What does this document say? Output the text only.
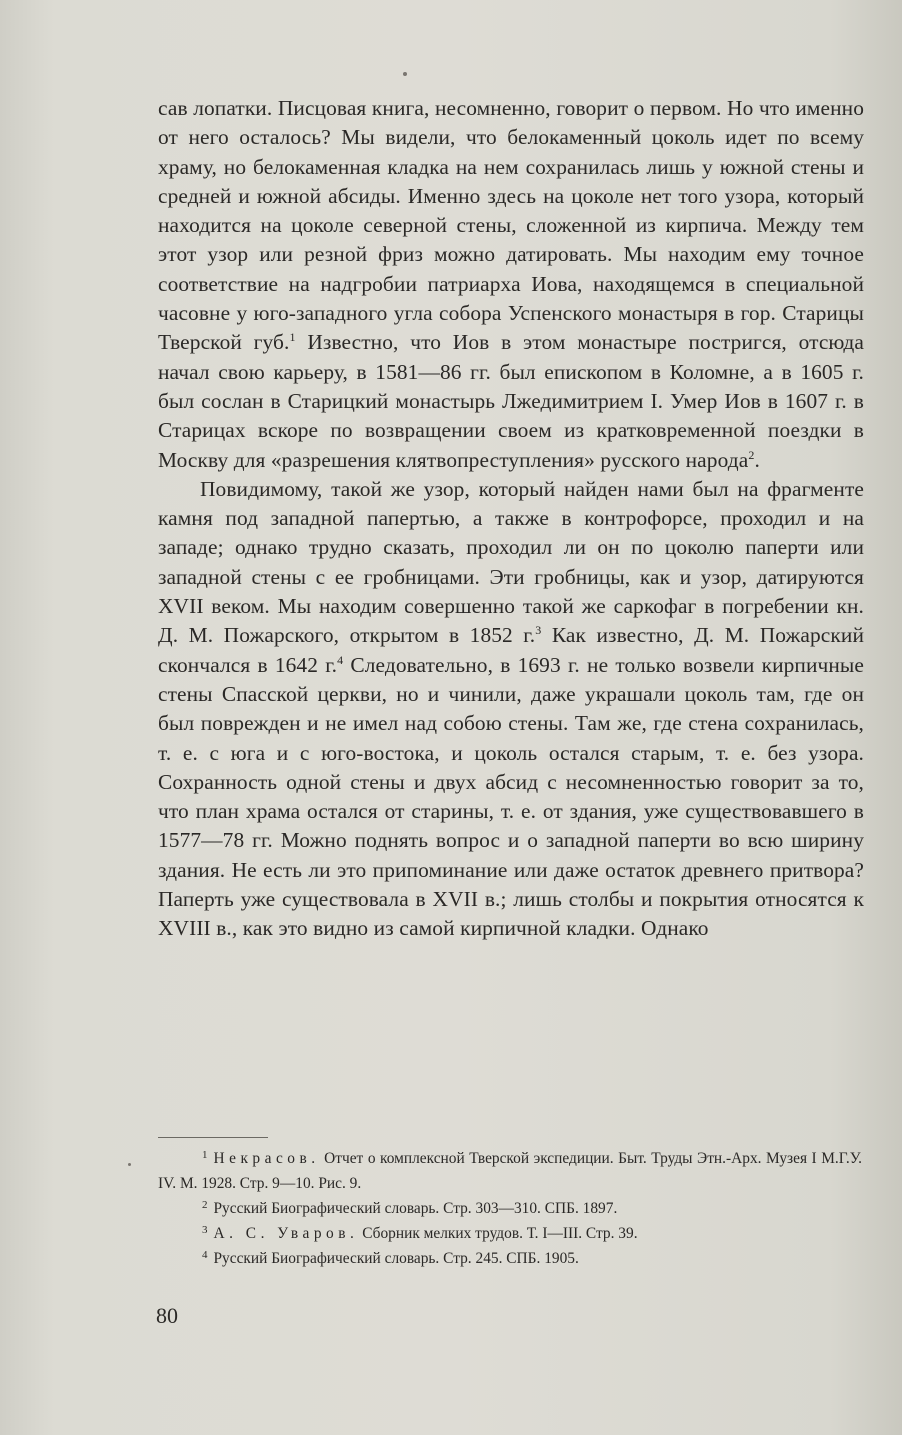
сав лопатки. Писцовая книга, несомненно, говорит о первом. Но что именно от него осталось? Мы видели, что белокаменный цоколь идет по всему храму, но белокаменная кладка на нем сохранилась лишь у южной стены и средней и южной абсиды. Именно здесь на цоколе нет того узора, который находится на цоколе северной стены, сложенной из кирпича. Между тем этот узор или резной фриз можно датировать. Мы находим ему точное соответствие на надгробии патриарха Иова, находящемся в специальной часовне у юго-западного угла собора Успенского монастыря в гор. Старицы Тверской губ.$^1$ Известно, что Иов в этом монастыре постригся, отсюда начал свою карьеру, в 1581—86 гг. был епископом в Коломне, а в 1605 г. был сослан в Старицкий монастырь Лжедимитрием I. Умер Иов в 1607 г. в Старицах вскоре по возвращении своем из кратковременной поездки в Москву для «разрешения клятвопреступления» русского народа$^2$.

Повидимому, такой же узор, который найден нами был на фрагменте камня под западной папертью, а также в контрофорсе, проходил и на западе; однако трудно сказать, проходил ли он по цоколю паперти или западной стены с ее гробницами. Эти гробницы, как и узор, датируются XVII веком. Мы находим совершенно такой же саркофаг в погребении кн. Д. М. Пожарского, открытом в 1852 г.$^3$ Как известно, Д. М. Пожарский скончался в 1642 г.$^4$ Следовательно, в 1693 г. не только возвели кирпичные стены Спасской церкви, но и чинили, даже украшали цоколь там, где он был поврежден и не имел над собою стены. Там же, где стена сохранилась, т. е. с юга и с юго-востока, и цоколь остался старым, т. е. без узора. Сохранность одной стены и двух абсид с несомненностью говорит за то, что план храма остался от старины, т. е. от здания, уже существовавшего в 1577—78 гг. Можно поднять вопрос и о западной паперти во всю ширину здания. Не есть ли это припоминание или даже остаток древнего притвора? Паперть уже существовала в XVII в.; лишь столбы и покрытия относятся к XVIII в., как это видно из самой кирпичной кладки. Однако

$^1$ Некрасов. Отчет о комплексной Тверской экспедиции. Быт. Труды Этн.-Арх. Музея I М.Г.У. IV. М. 1928. Стр. 9—10. Рис. 9.

$^2$ Русский Биографический словарь. Стр. 303—310. СПБ. 1897.

$^3$ А. С. Уваров. Сборник мелких трудов. Т. I—III. Стр. 39.

$^4$ Русский Биографический словарь. Стр. 245. СПБ. 1905.

80
